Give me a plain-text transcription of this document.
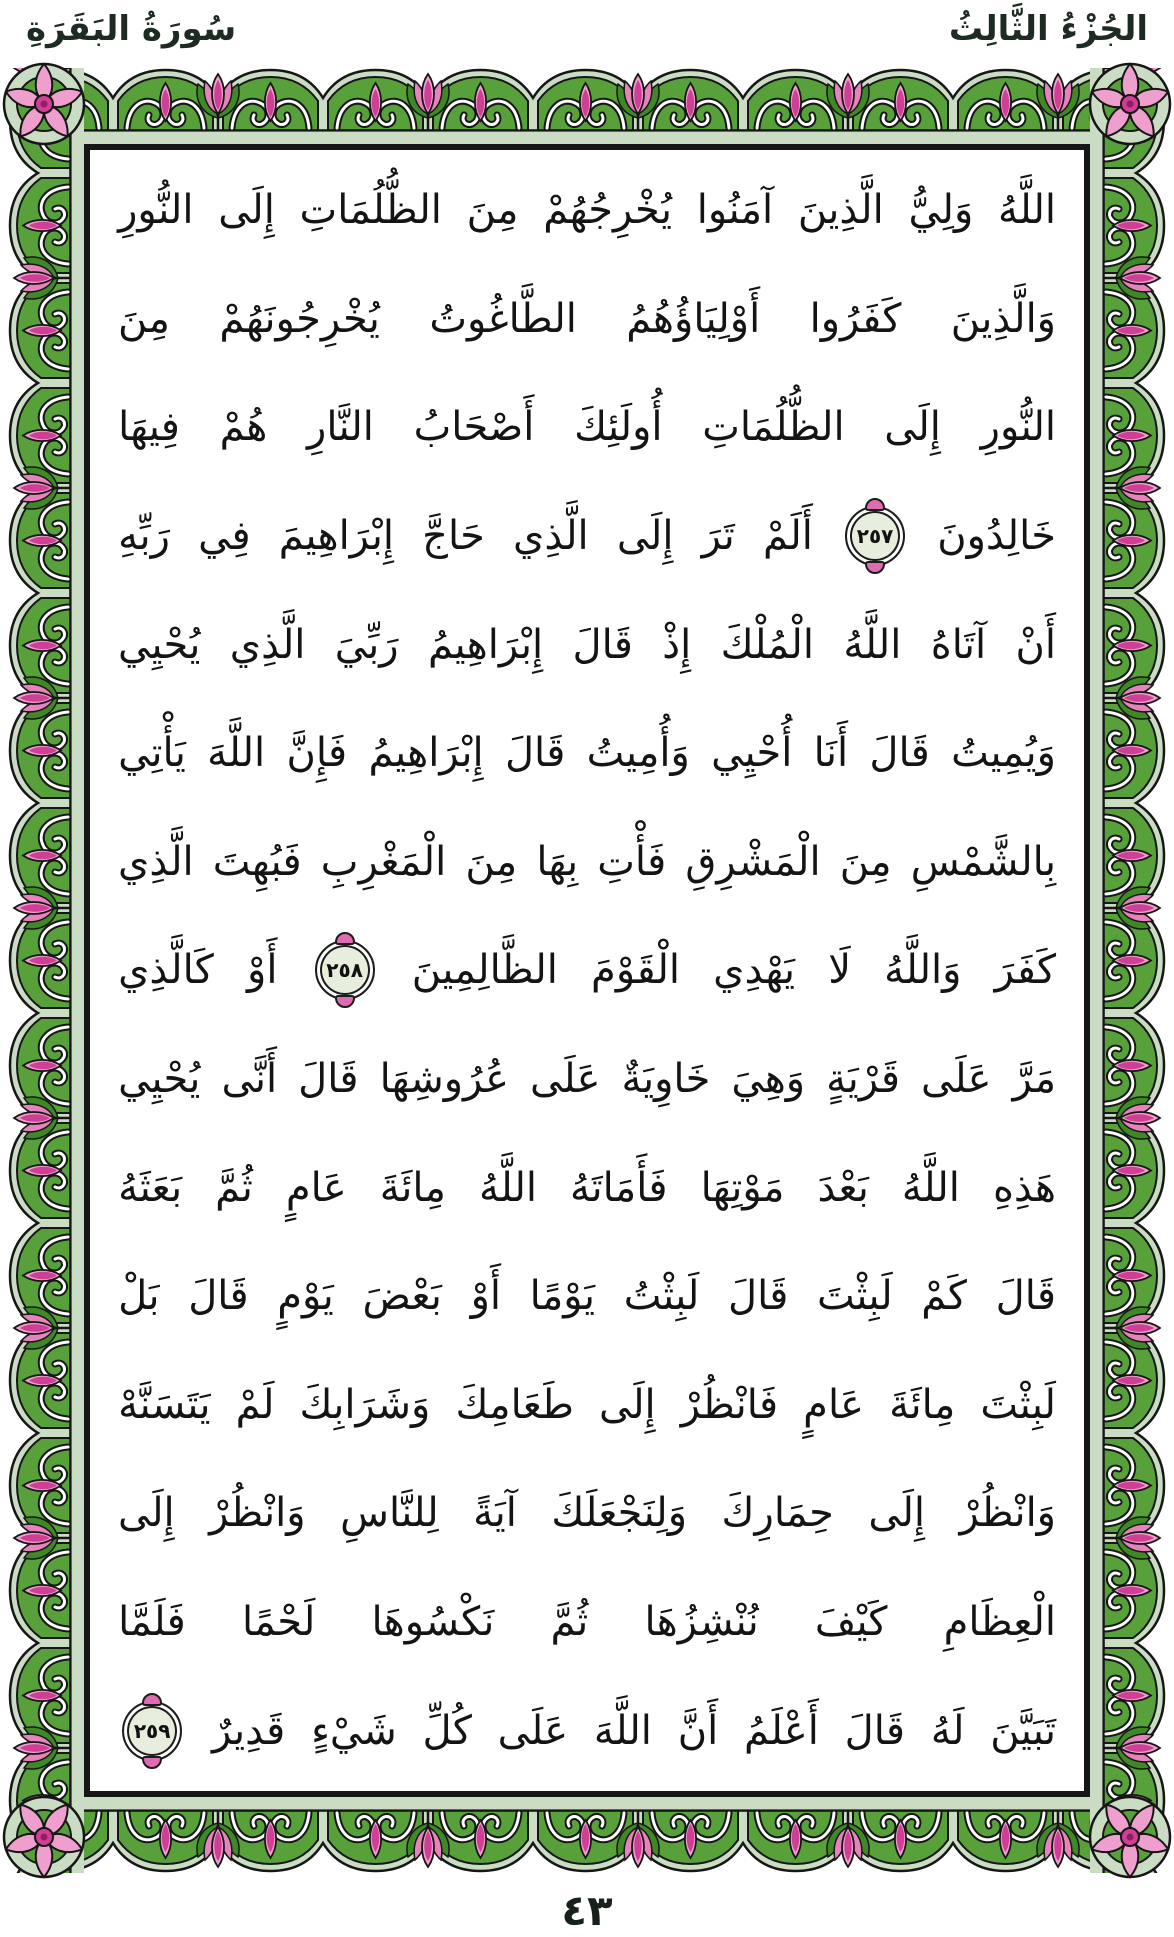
الجُزْءُ الثَّالِثُ
سُورَةُ البَقَرَةِ
اللَّهُ
وَلِيُّ
الَّذِينَ
آمَنُوا
يُخْرِجُهُمْ
مِنَ
الظُّلُمَاتِ
إِلَى
النُّورِ
وَالَّذِينَ
كَفَرُوا
أَوْلِيَاؤُهُمُ
الطَّاغُوتُ
يُخْرِجُونَهُمْ
مِنَ
النُّورِ
إِلَى
الظُّلُمَاتِ
أُولَئِكَ
أَصْحَابُ
النَّارِ
هُمْ
فِيهَا
خَالِدُونَ
٢٥٧
أَلَمْ
تَرَ
إِلَى
الَّذِي
حَاجَّ
إِبْرَاهِيمَ
فِي
رَبِّهِ
أَنْ
آتَاهُ
اللَّهُ
الْمُلْكَ
إِذْ
قَالَ
إِبْرَاهِيمُ
رَبِّيَ
الَّذِي
يُحْيِي
وَيُمِيتُ
قَالَ
أَنَا
أُحْيِي
وَأُمِيتُ
قَالَ
إِبْرَاهِيمُ
فَإِنَّ
اللَّهَ
يَأْتِي
بِالشَّمْسِ
مِنَ
الْمَشْرِقِ
فَأْتِ
بِهَا
مِنَ
الْمَغْرِبِ
فَبُهِتَ
الَّذِي
كَفَرَ
وَاللَّهُ
لَا
يَهْدِي
الْقَوْمَ
الظَّالِمِينَ
٢٥٨
أَوْ
كَالَّذِي
مَرَّ
عَلَى
قَرْيَةٍ
وَهِيَ
خَاوِيَةٌ
عَلَى
عُرُوشِهَا
قَالَ
أَنَّى
يُحْيِي
هَذِهِ
اللَّهُ
بَعْدَ
مَوْتِهَا
فَأَمَاتَهُ
اللَّهُ
مِائَةَ
عَامٍ
ثُمَّ
بَعَثَهُ
قَالَ
كَمْ
لَبِثْتَ
قَالَ
لَبِثْتُ
يَوْمًا
أَوْ
بَعْضَ
يَوْمٍ
قَالَ
بَلْ
لَبِثْتَ
مِائَةَ
عَامٍ
فَانْظُرْ
إِلَى
طَعَامِكَ
وَشَرَابِكَ
لَمْ
يَتَسَنَّهْ
وَانْظُرْ
إِلَى
حِمَارِكَ
وَلِنَجْعَلَكَ
آيَةً
لِلنَّاسِ
وَانْظُرْ
إِلَى
الْعِظَامِ
كَيْفَ
نُنْشِزُهَا
ثُمَّ
نَكْسُوهَا
لَحْمًا
فَلَمَّا
تَبَيَّنَ
لَهُ
قَالَ
أَعْلَمُ
أَنَّ
اللَّهَ
عَلَى
كُلِّ
شَيْءٍ
قَدِيرٌ
٢٥٩
٤٣
